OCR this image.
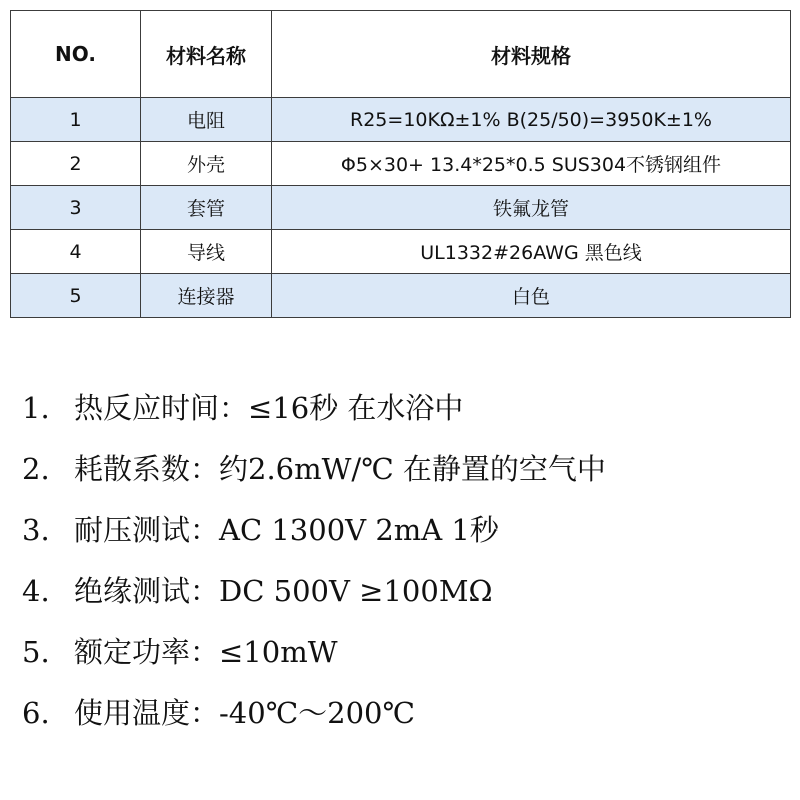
NO.	材料名称	材料规格
1	电阻	R25=10KΩ±1% B(25/50)=3950K±1%
2	外壳	Φ5×30+ 13.4*25*0.5 SUS304不锈钢组件
3	套管	铁氟龙管
4	导线	UL1332#26AWG 黑色线
5	连接器	白色
1. 热反应时间：≤16秒 在水浴中
2. 耗散系数：约2.6mW/℃ 在静置的空气中
3. 耐压测试：AC 1300V 2mA 1秒
4. 绝缘测试：DC 500V ≥100MΩ
5. 额定功率：≤10mW
6. 使用温度：-40℃～200℃
